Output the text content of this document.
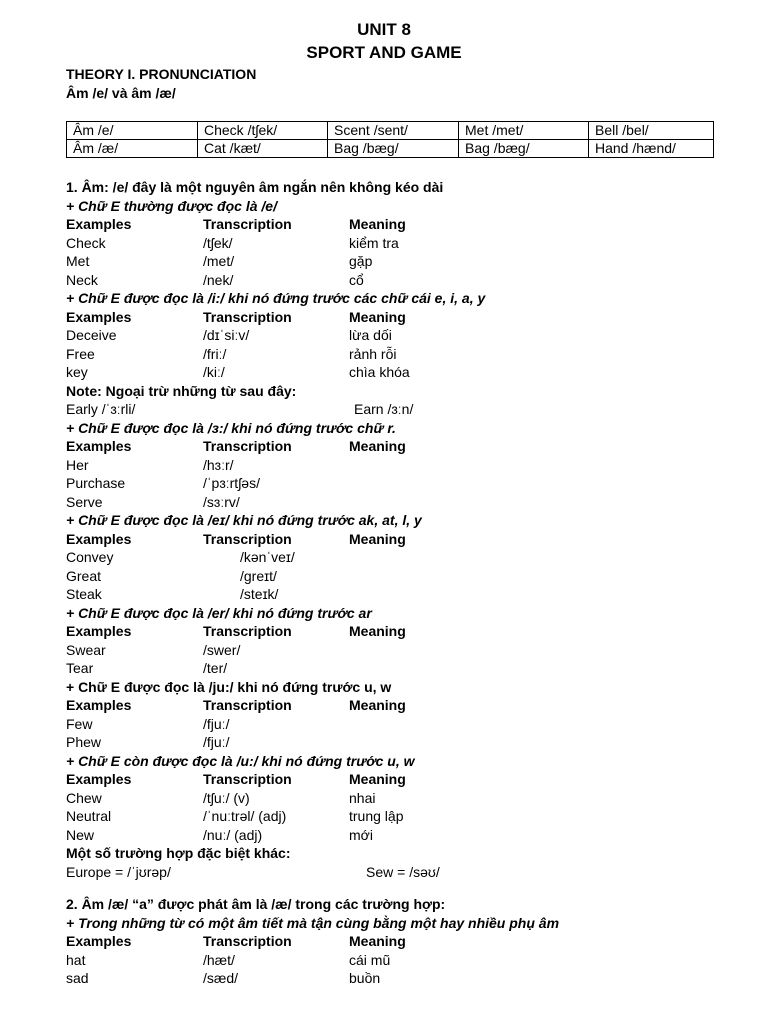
UNIT 8
SPORT AND GAME
THEORY I. PRONUNCIATION
Âm /e/ và âm /æ/
Âm /e/	Check /tʃek/	Scent /sent/	Met /met/	Bell /bel/
Âm /æ/	Cat /kæt/	Bag /bæg/	Bag /bæg/	Hand /hænd/
1. Âm: /e/ đây là một nguyên âm ngắn nên không kéo dài
+ Chữ E thường được đọc là /e/
Examples	Transcription	Meaning
Check	/tʃek/	kiểm tra
Met	/met/	gặp
Neck	/nek/	cổ
+ Chữ E được đọc là /i:/ khi nó đứng trước các chữ cái e, i, a, y
Examples	Transcription	Meaning
Deceive	/dɪˈsiːv/	lừa dối
Free	/friː/	rảnh rỗi
key	/kiː/	chìa khóa
Note: Ngoại trừ những từ sau đây:
Early /ˈɜːrli/	Earn /ɜːn/
+ Chữ E được đọc là /ɜ:/ khi nó đứng trước chữ r.
Examples	Transcription	Meaning
Her	/hɜːr/
Purchase	/ˈpɜːrtʃəs/
Serve	/sɜːrv/
+ Chữ E được đọc là /eɪ/ khi nó đứng trước ak, at, l, y
Examples	Transcription	Meaning
Convey	/kənˈveɪ/
Great	/ɡreɪt/
Steak	/steɪk/
+ Chữ E được đọc là /er/ khi nó đứng trước ar
Examples	Transcription	Meaning
Swear	/swer/
Tear	/ter/
+ Chữ E được đọc là /ju:/ khi nó đứng trước u, w
Examples	Transcription	Meaning
Few	/fjuː/
Phew	/fjuː/
+ Chữ E còn được đọc là /u:/ khi nó đứng trước u, w
Examples	Transcription	Meaning
Chew	/tʃuː/ (v)	nhai
Neutral	/ˈnuːtrəl/ (adj)	trung lập
New	/nuː/ (adj)	mới
Một số trường hợp đặc biệt khác:
Europe = /ˈjʊrəp/	Sew = /səʊ/
2. Âm /æ/ “a” được phát âm là /æ/ trong các trường hợp:
+ Trong những từ có một âm tiết mà tận cùng bằng một hay nhiều phụ âm
Examples	Transcription	Meaning
hat	/hæt/	cái mũ
sad	/sæd/	buồn
